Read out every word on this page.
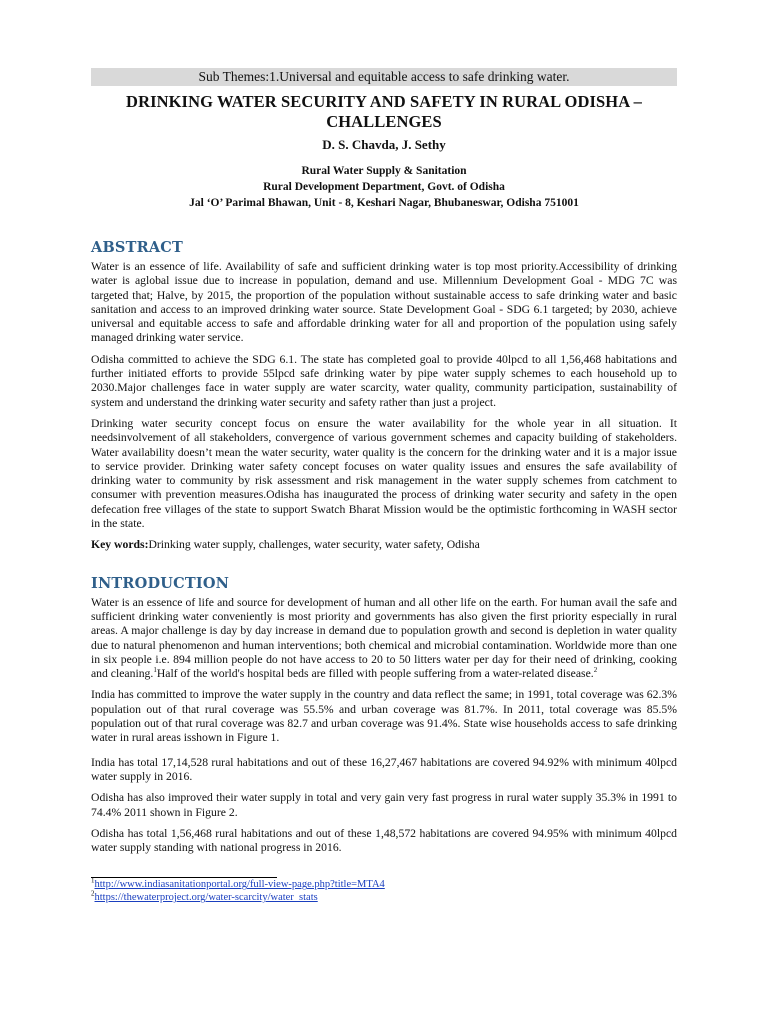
Sub Themes:1.Universal and equitable access to safe drinking water.
DRINKING WATER SECURITY AND SAFETY IN RURAL ODISHA –
CHALLENGES
D. S. Chavda, J. Sethy
Rural Water Supply & Sanitation
Rural Development Department, Govt. of Odisha
Jal ‘O’ Parimal Bhawan, Unit - 8, Keshari Nagar, Bhubaneswar, Odisha 751001
ABSTRACT

Water is an essence of life. Availability of safe and sufficient drinking water is top most priority.Accessibility of drinking water is aglobal issue due to increase in population, demand and use. Millennium Development Goal - MDG 7C was targeted that; Halve, by 2015, the proportion of the population without sustainable access to safe drinking water and basic sanitation and access to an improved drinking water source. State Development Goal - SDG 6.1 targeted; by 2030, achieve universal and equitable access to safe and affordable drinking water for all and proportion of the population using safely managed drinking water service.

Odisha committed to achieve the SDG 6.1. The state has completed goal to provide 40lpcd to all 1,56,468 habitations and further initiated efforts to provide 55lpcd safe drinking water by pipe water supply schemes to each household up to 2030.Major challenges face in water supply are water scarcity, water quality, community participation, sustainability of system and understand the drinking water security and safety rather than just a project.

Drinking water security concept focus on ensure the water availability for the whole year in all situation. It needsinvolvement of all stakeholders, convergence of various government schemes and capacity building of stakeholders. Water availability doesn’t mean the water security, water quality is the concern for the drinking water and it is a major issue to service provider. Drinking water safety concept focuses on water quality issues and ensures the safe availability of drinking water to community by risk assessment and risk management in the water supply schemes from catchment to consumer with prevention measures.Odisha has inaugurated the process of drinking water security and safety in the open defecation free villages of the state to support Swatch Bharat Mission would be the optimistic forthcoming in WASH sector in the state.

Key words:Drinking water supply, challenges, water security, water safety, Odisha

INTRODUCTION

Water is an essence of life and source for development of human and all other life on the earth. For human avail the safe and sufficient drinking water conveniently is most priority and governments has also given the first priority especially in rural areas. A major challenge is day by day increase in demand due to population growth and second is depletion in water quality due to natural phenomenon and human interventions; both chemical and microbial contamination. Worldwide more than one in six people i.e. 894 million people do not have access to 20 to 50 litters water per day for their need of drinking, cooking and cleaning.$^1$Half of the world's hospital beds are filled with people suffering from a water-related disease.$^2$

India has committed to improve the water supply in the country and data reflect the same; in 1991, total coverage was 62.3% population out of that rural coverage was 55.5% and urban coverage was 81.7%. In 2011, total coverage was 85.5% population out of that rural coverage was 82.7 and urban coverage was 91.4%. State wise households access to safe drinking water in rural areas isshown in Figure 1.

India has total 17,14,528 rural habitations and out of these 16,27,467 habitations are covered 94.92% with minimum 40lpcd water supply in 2016.

Odisha has also improved their water supply in total and very gain very fast progress in rural water supply 35.3% in 1991 to 74.4% 2011 shown in Figure 2.

Odisha has total 1,56,468 rural habitations and out of these 1,48,572 habitations are covered 94.95% with minimum 40lpcd water supply standing with national progress in 2016.

$^1$http://www.indiasanitationportal.org/full-view-page.php?title=MTA4
$^2$https://thewaterproject.org/water-scarcity/water_stats
